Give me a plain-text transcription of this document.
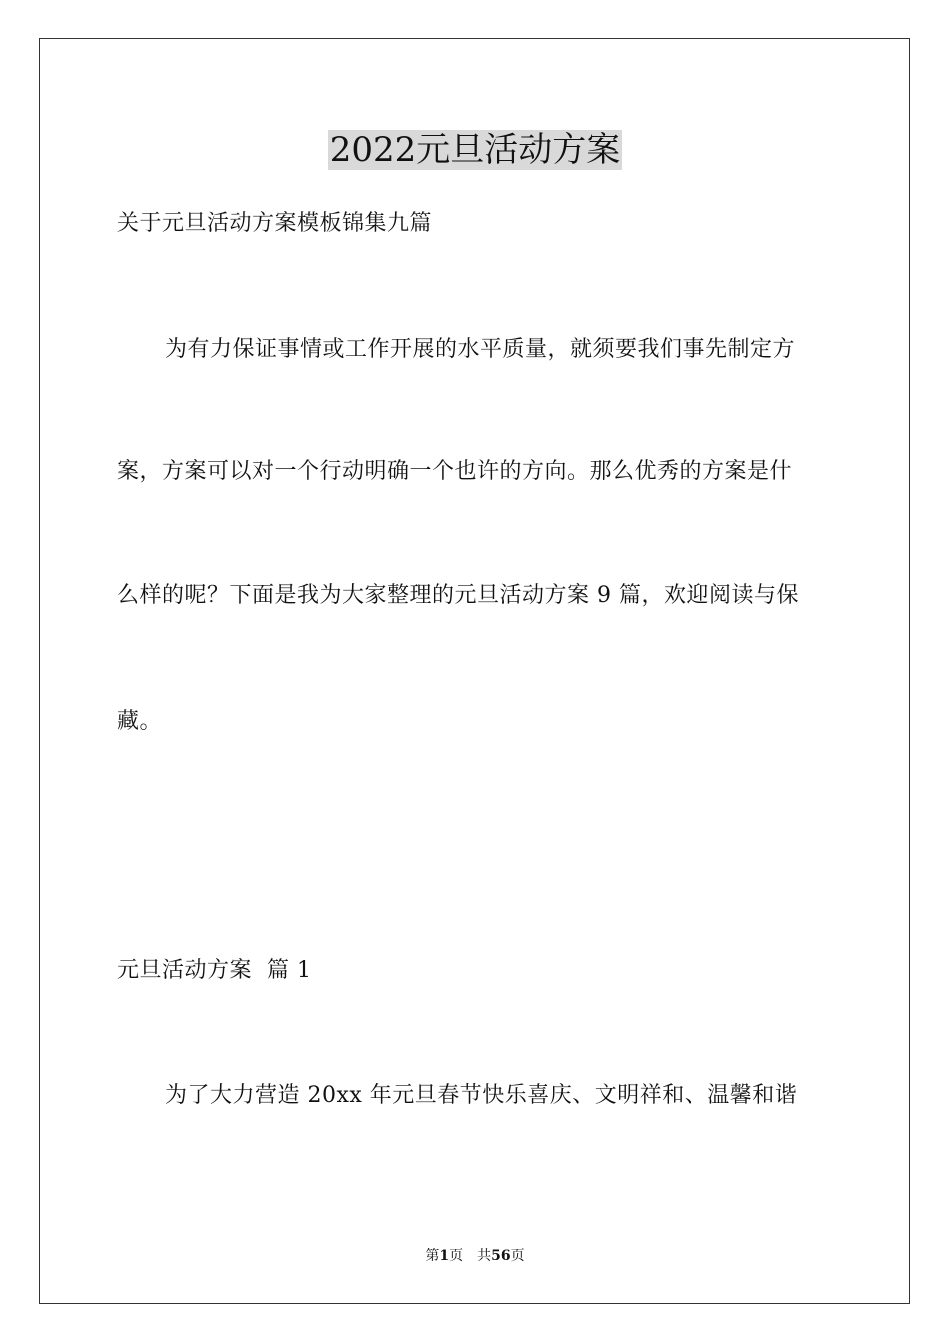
2022元旦活动方案

关于元旦活动方案模板锦集九篇

为有力保证事情或工作开展的水平质量，就须要我们事先制定方

案，方案可以对一个行动明确一个也许的方向。那么优秀的方案是什

么样的呢？下面是我为大家整理的元旦活动方案 9 篇，欢迎阅读与保

藏。

元旦活动方案  篇 1

为了大力营造 20xx 年元旦春节快乐喜庆、文明祥和、温馨和谐

第1页 共56页
